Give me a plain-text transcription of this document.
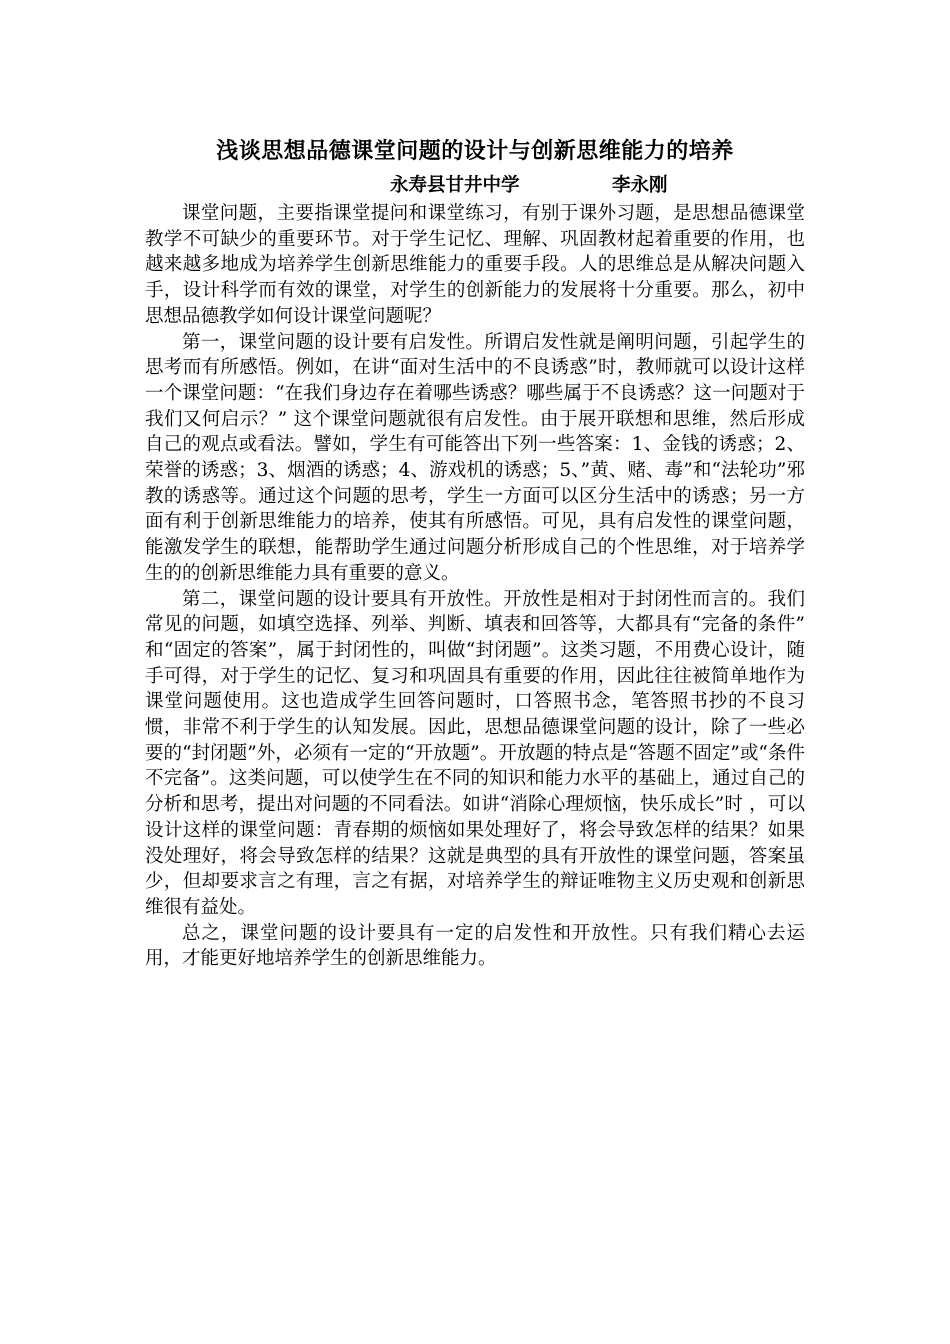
浅谈思想品德课堂问题的设计与创新思维能力的培养
永寿县甘井中学	李永刚

课堂问题，主要指课堂提问和课堂练习，有别于课外习题，是思想品德课堂教学不可缺少的重要环节。对于学生记忆、理解、巩固教材起着重要的作用，也越来越多地成为培养学生创新思维能力的重要手段。人的思维总是从解决问题入手，设计科学而有效的课堂，对学生的创新能力的发展将十分重要。那么，初中思想品德教学如何设计课堂问题呢？

第一，课堂问题的设计要有启发性。所谓启发性就是阐明问题，引起学生的思考而有所感悟。例如，在讲“面对生活中的不良诱惑”时，教师就可以设计这样一个课堂问题：“在我们身边存在着哪些诱惑？哪些属于不良诱惑？这一问题对于我们又何启示？” 这个课堂问题就很有启发性。由于展开联想和思维，然后形成自己的观点或看法。譬如，学生有可能答出下列一些答案：1、金钱的诱惑；2、荣誉的诱惑；3、烟酒的诱惑；4、游戏机的诱惑；5、”黄、赌、毒”和“法轮功”邪教的诱惑等。通过这个问题的思考，学生一方面可以区分生活中的诱惑；另一方面有利于创新思维能力的培养，使其有所感悟。可见，具有启发性的课堂问题，能激发学生的联想，能帮助学生通过问题分析形成自己的个性思维，对于培养学生的的创新思维能力具有重要的意义。

第二，课堂问题的设计要具有开放性。开放性是相对于封闭性而言的。我们常见的问题，如填空选择、列举、判断、填表和回答等，大都具有“完备的条件” 和“固定的答案”，属于封闭性的，叫做“封闭题”。这类习题，不用费心设计，随手可得，对于学生的记忆、复习和巩固具有重要的作用，因此往往被简单地作为课堂问题使用。这也造成学生回答问题时，口答照书念，笔答照书抄的不良习惯，非常不利于学生的认知发展。因此，思想品德课堂问题的设计，除了一些必要的“封闭题”外，必须有一定的“开放题”。开放题的特点是“答题不固定”或“条件不完备”。这类问题，可以使学生在不同的知识和能力水平的基础上，通过自己的分析和思考，提出对问题的不同看法。如讲“消除心理烦恼，快乐成长”时 ，可以设计这样的课堂问题：青春期的烦恼如果处理好了，将会导致怎样的结果？如果没处理好，将会导致怎样的结果？这就是典型的具有开放性的课堂问题，答案虽少，但却要求言之有理，言之有据，对培养学生的辩证唯物主义历史观和创新思维很有益处。

总之，课堂问题的设计要具有一定的启发性和开放性。只有我们精心去运用，才能更好地培养学生的创新思维能力。
